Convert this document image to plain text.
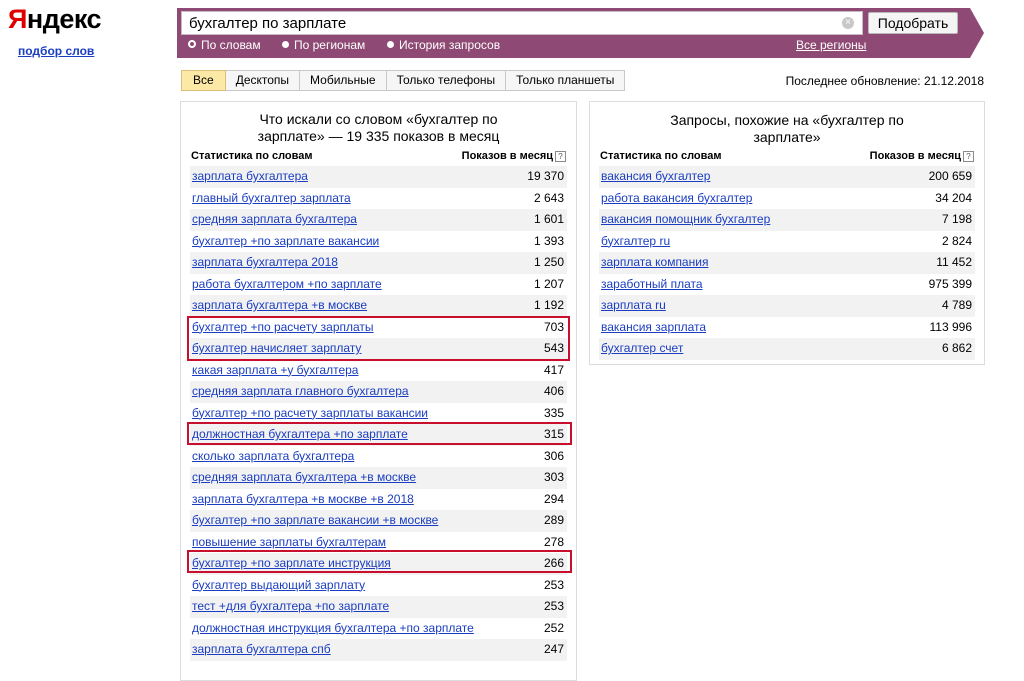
Яндекс
подбор слов
бухгалтер по зарплате
×	Подобрать
По словам	По регионам	История запросов	Все регионы
Все	Десктопы	Мобильные	Только телефоны	Только планшеты	Последнее обновление: 21.12.2018
Что искали со словом «бухгалтер по зарплате» — 19 335 показов в месяц
Статистика по словам	Показов в месяц ?
зарплата бухгалтера	19 370
главный бухгалтер зарплата	2 643
средняя зарплата бухгалтера	1 601
бухгалтер +по зарплате вакансии	1 393
зарплата бухгалтера 2018	1 250
работа бухгалтером +по зарплате	1 207
зарплата бухгалтера +в москве	1 192
бухгалтер +по расчету зарплаты	703
бухгалтер начисляет зарплату	543
какая зарплата +у бухгалтера	417
средняя зарплата главного бухгалтера	406
бухгалтер +по расчету зарплаты вакансии	335
должностная бухгалтера +по зарплате	315
сколько зарплата бухгалтера	306
средняя зарплата бухгалтера +в москве	303
зарплата бухгалтера +в москве +в 2018	294
бухгалтер +по зарплате вакансии +в москве	289
повышение зарплаты бухгалтерам	278
бухгалтер +по зарплате инструкция	266
бухгалтер выдающий зарплату	253
тест +для бухгалтера +по зарплате	253
должностная инструкция бухгалтера +по зарплате	252
зарплата бухгалтера спб	247
Запросы, похожие на «бухгалтер по зарплате»
Статистика по словам	Показов в месяц ?
вакансия бухгалтер	200 659
работа вакансия бухгалтер	34 204
вакансия помощник бухгалтер	7 198
бухгалтер ru	2 824
зарплата компания	11 452
заработный плата	975 399
зарплата ru	4 789
вакансия зарплата	113 996
бухгалтер счет	6 862
